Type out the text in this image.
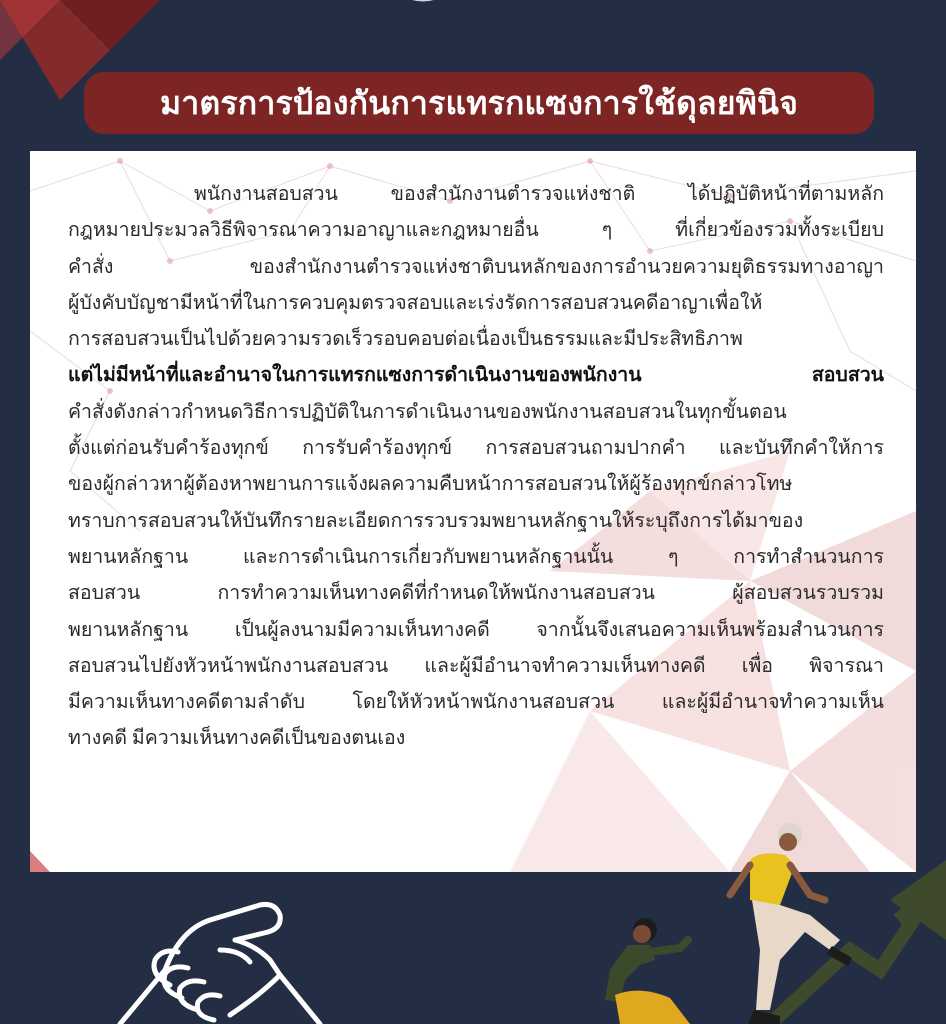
มาตรการป้องกันการแทรกแซงการใช้ดุลยพินิจ
พนักงานสอบสวน ของสำนักงานตำรวจแห่งชาติ ได้ปฏิบัติหน้าที่ตามหลัก
กฎหมายประมวลวิธีพิจารณาความอาญาและกฎหมายอื่น ๆ ที่เกี่ยวข้องรวมทั้งระเบียบ
คำสั่ง ของสำนักงานตำรวจแห่งชาติบนหลักของการอำนวยความยุติธรรมทางอาญา
ผู้บังคับบัญชามีหน้าที่ในการควบคุมตรวจสอบและเร่งรัดการสอบสวนคดีอาญาเพื่อให้
การสอบสวนเป็นไปด้วยความรวดเร็วรอบคอบต่อเนื่องเป็นธรรมและมีประสิทธิภาพ
แต่ไม่มีหน้าที่และอำนาจในการแทรกแซงการดำเนินงานของพนักงาน สอบสวน
คำสั่งดังกล่าวกำหนดวิธีการปฏิบัติในการดำเนินงานของพนักงานสอบสวนในทุกขั้นตอน
ตั้งแต่ก่อนรับคำร้องทุกข์ การรับคำร้องทุกข์ การสอบสวนถามปากคำ และบันทึกคำให้การ
ของผู้กล่าวหาผู้ต้องหาพยานการแจ้งผลความคืบหน้าการสอบสวนให้ผู้ร้องทุกข์กล่าวโทษ
ทราบการสอบสวนให้บันทึกรายละเอียดการรวบรวมพยานหลักฐานให้ระบุถึงการได้มาของ
พยานหลักฐาน และการดำเนินการเกี่ยวกับพยานหลักฐานนั้น ๆ การทำสำนวนการ
สอบสวน การทำความเห็นทางคดีที่กำหนดให้พนักงานสอบสวน ผู้สอบสวนรวบรวม
พยานหลักฐาน เป็นผู้ลงนามมีความเห็นทางคดี จากนั้นจึงเสนอความเห็นพร้อมสำนวนการ
สอบสวนไปยังหัวหน้าพนักงานสอบสวน และผู้มีอำนาจทำความเห็นทางคดี เพื่อ พิจารณา
มีความเห็นทางคดีตามลำดับ โดยให้หัวหน้าพนักงานสอบสวน และผู้มีอำนาจทำความเห็น
ทางคดี มีความเห็นทางคดีเป็นของตนเอง
